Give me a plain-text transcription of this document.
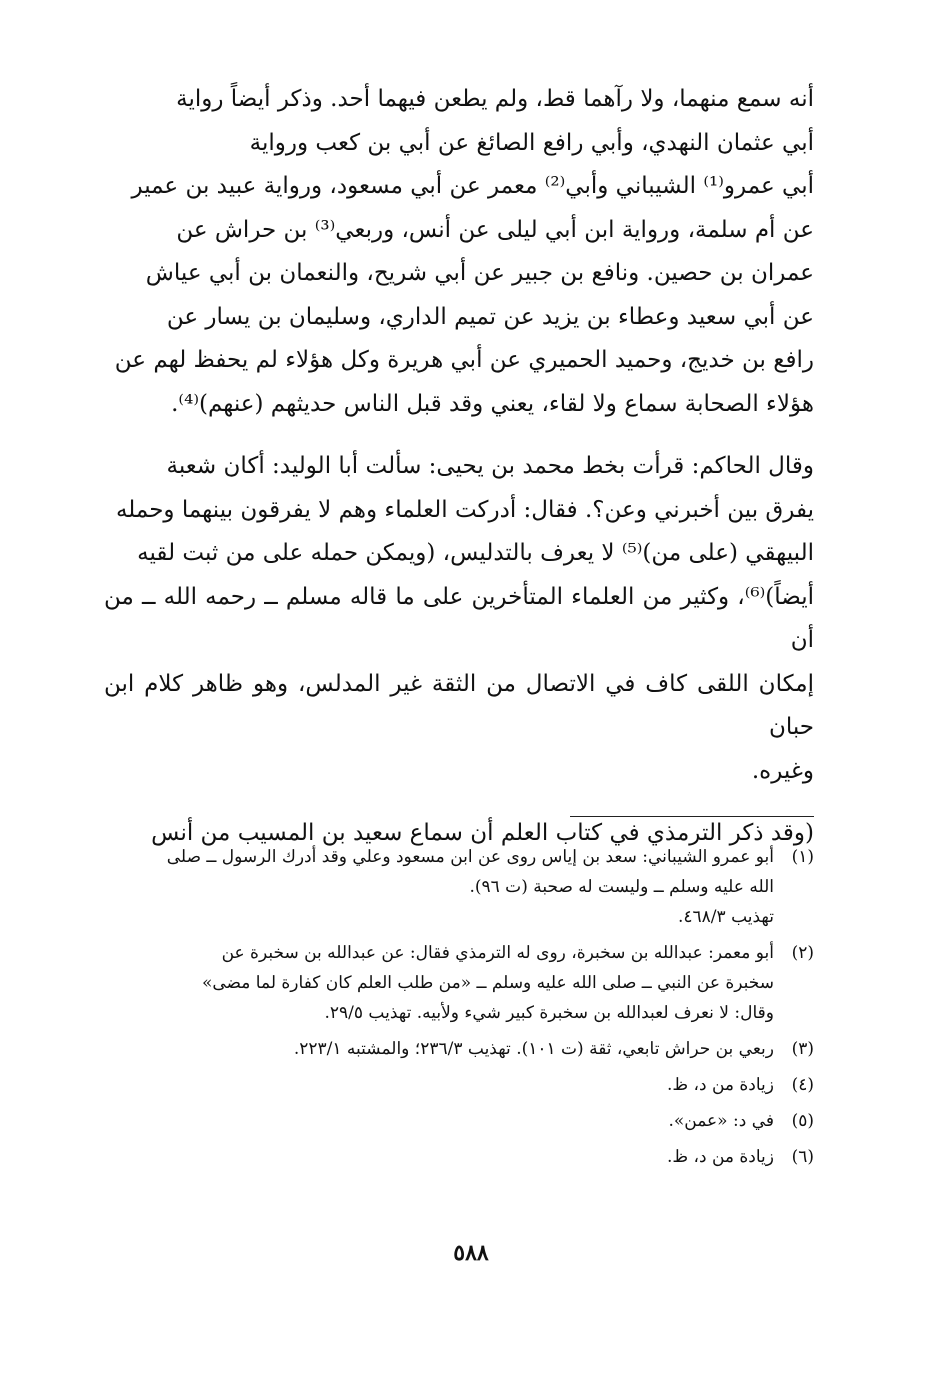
أنه سمع منهما، ولا رآهما قط، ولم يطعن فيهما أحد. وذكر أيضاً رواية
أبي عثمان النهدي، وأبي رافع الصائغ عن أبي بن كعب ورواية
أبي عمرو⁽¹⁾ الشيباني وأبي⁽²⁾ معمر عن أبي مسعود، ورواية عبيد بن عمير
عن أم سلمة، ورواية ابن أبي ليلى عن أنس، وربعي⁽³⁾ بن حراش عن
عمران بن حصين. ونافع بن جبير عن أبي شريح، والنعمان بن أبي عياش
عن أبي سعيد وعطاء بن يزيد عن تميم الداري، وسليمان بن يسار عن
رافع بن خديج، وحميد الحميري عن أبي هريرة وكل هؤلاء لم يحفظ لهم عن
هؤلاء الصحابة سماع ولا لقاء، يعني وقد قبل الناس حديثهم (عنهم)⁽⁴⁾.

وقال الحاكم: قرأت بخط محمد بن يحيى: سألت أبا الوليد: أكان شعبة
يفرق بين أخبرني وعن؟. فقال: أدركت العلماء وهم لا يفرقون بينهما وحمله
البيهقي (على من)⁽⁵⁾ لا يعرف بالتدليس، (ويمكن حمله على من ثبت لقيه
أيضاً)⁽⁶⁾، وكثير من العلماء المتأخرين على ما قاله مسلم ــ رحمه الله ــ من أن
إمكان اللقى كاف في الاتصال من الثقة غير المدلس، وهو ظاهر كلام ابن حبان
وغيره.

(وقد ذكر الترمذي في كتاب العلم أن سماع سعيد بن المسيب من أنس

(١)
أبو عمرو الشيباني: سعد بن إياس روى عن ابن مسعود وعلي وقد أدرك الرسول ــ صلى
الله عليه وسلم ــ وليست له صحبة (ت ٩٦).
تهذيب ٤٦٨/٣.
(٢)
أبو معمر: عبدالله بن سخبرة، روى له الترمذي فقال: عن عبدالله بن سخبرة عن
سخبرة عن النبي ــ صلى الله عليه وسلم ــ «من طلب العلم كان كفارة لما مضى»
وقال: لا نعرف لعبدالله بن سخبرة كبير شيء ولأبيه. تهذيب ٢٩/٥.
(٣)
ربعي بن حراش تابعي، ثقة (ت ١٠١). تهذيب ٢٣٦/٣؛ والمشتبه ٢٢٣/١.
(٤)
زيادة من د، ظ.
(٥)
في د: «عمن».
(٦)
زيادة من د، ظ.
٥٨٨
